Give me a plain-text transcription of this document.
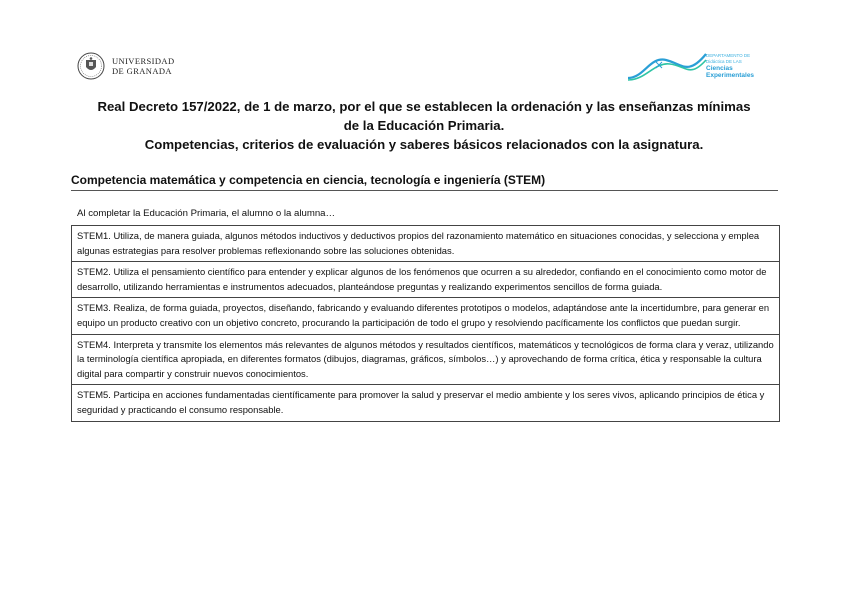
UNIVERSIDAD
DE GRANADA
DEPARTAMENTO DE
Didáctica DE LAS
Ciencias
Experimentales
Real Decreto 157/2022, de 1 de marzo, por el que se establecen la ordenación y las enseñanzas mínimas
de la Educación Primaria.
Competencias, criterios de evaluación y saberes básicos relacionados con la asignatura.
Competencia matemática y competencia en ciencia, tecnología e ingeniería (STEM)
Al completar la Educación Primaria, el alumno o la alumna…
STEM1. Utiliza, de manera guiada, algunos métodos inductivos y deductivos propios del razonamiento matemático en situaciones conocidas, y selecciona y emplea algunas estrategias para resolver problemas reflexionando sobre las soluciones obtenidas.
STEM2. Utiliza el pensamiento científico para entender y explicar algunos de los fenómenos que ocurren a su alrededor, confiando en el conocimiento como motor de desarrollo, utilizando herramientas e instrumentos adecuados, planteándose preguntas y realizando experimentos sencillos de forma guiada.
STEM3. Realiza, de forma guiada, proyectos, diseñando, fabricando y evaluando diferentes prototipos o modelos, adaptándose ante la incertidumbre, para generar en equipo un producto creativo con un objetivo concreto, procurando la participación de todo el grupo y resolviendo pacíficamente los conflictos que puedan surgir.
STEM4. Interpreta y transmite los elementos más relevantes de algunos métodos y resultados científicos, matemáticos y tecnológicos de forma clara y veraz, utilizando la terminología científica apropiada, en diferentes formatos (dibujos, diagramas, gráficos, símbolos…) y aprovechando de forma crítica, ética y responsable la cultura digital para compartir y construir nuevos conocimientos.
STEM5. Participa en acciones fundamentadas científicamente para promover la salud y preservar el medio ambiente y los seres vivos, aplicando principios de ética y seguridad y practicando el consumo responsable.
